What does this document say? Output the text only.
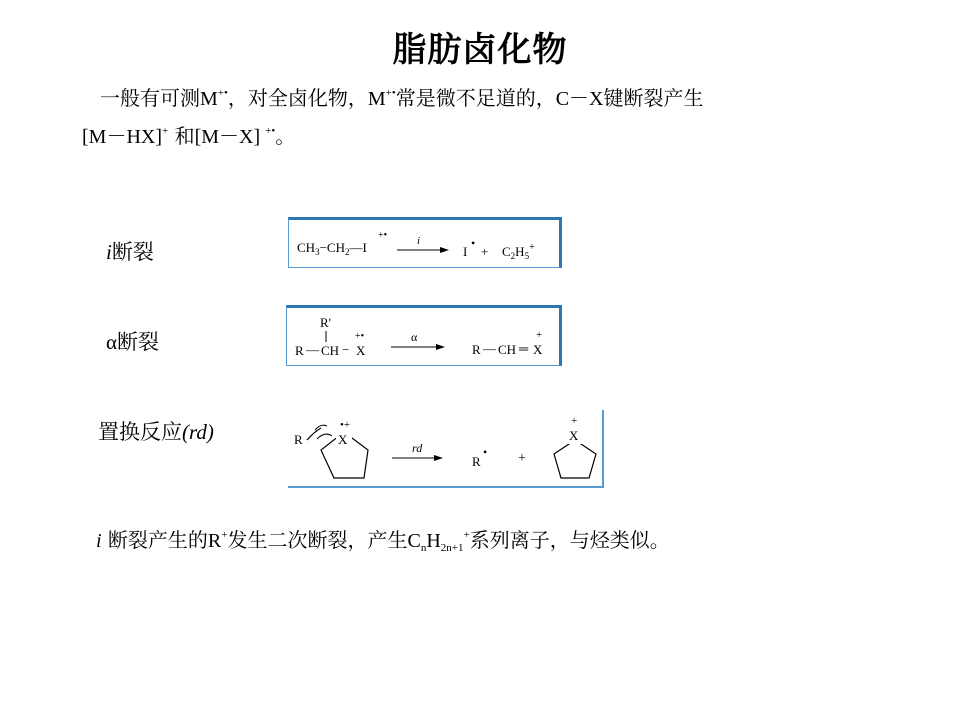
脂肪卤化物
一般有可测M+•，对全卤化物，M+•常是微不足道的，C－X键断裂产生
[M－HX]+ 和[M－X] +•。
i断裂
α断裂
置换反应(rd)
$CH_3-CH_2—I$
+•	i
I
•
+ $C_2H_5^+$
R'
R — CH − X
+•	α
R — CH ═ X
+
R	X
•+
rd
R
• +
X
+
i 断裂产生的R+发生二次断裂，产生$C_nH_{2n+1}^+$系列离子，与烃类似。
